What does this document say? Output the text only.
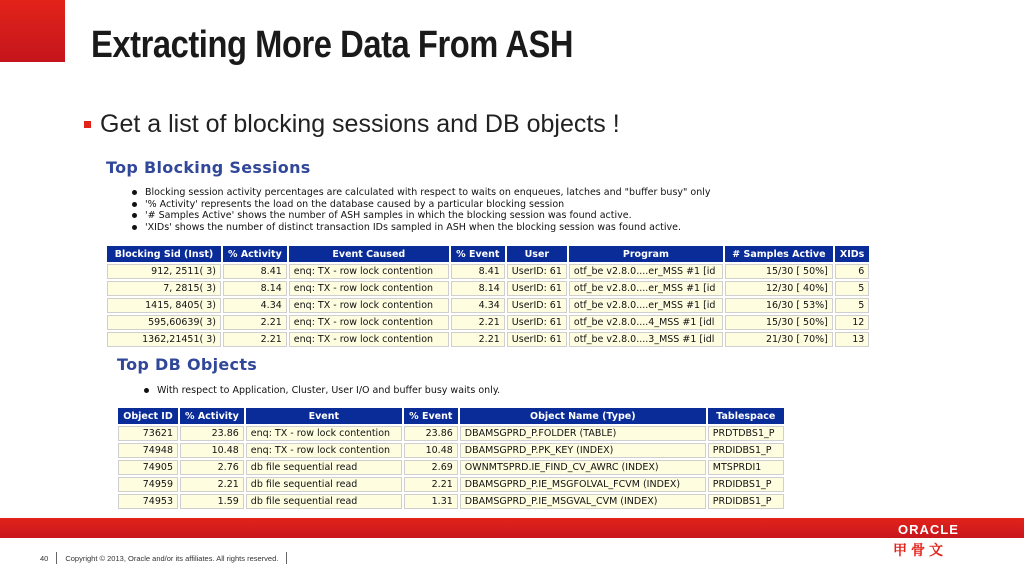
Extracting More Data From ASH
Get a list of blocking sessions and DB objects !
Top Blocking Sessions
Blocking session activity percentages are calculated with respect to waits on enqueues, latches and "buffer busy" only
'% Activity' represents the load on the database caused by a particular blocking session
'# Samples Active' shows the number of ASH samples in which the blocking session was found active.
'XIDs' shows the number of distinct transaction IDs sampled in ASH when the blocking session was found active.
Blocking Sid (Inst)	% Activity	Event Caused	% Event	User	Program	# Samples Active	XIDs
912, 2511( 3)	8.41	enq: TX - row lock contention	8.41	UserID: 61	otf_be v2.8.0....er_MSS #1 [id	15/30 [ 50%]	6
7, 2815( 3)	8.14	enq: TX - row lock contention	8.14	UserID: 61	otf_be v2.8.0....er_MSS #1 [id	12/30 [ 40%]	5
1415, 8405( 3)	4.34	enq: TX - row lock contention	4.34	UserID: 61	otf_be v2.8.0....er_MSS #1 [id	16/30 [ 53%]	5
595,60639( 3)	2.21	enq: TX - row lock contention	2.21	UserID: 61	otf_be v2.8.0....4_MSS #1 [idl	15/30 [ 50%]	12
1362,21451( 3)	2.21	enq: TX - row lock contention	2.21	UserID: 61	otf_be v2.8.0....3_MSS #1 [idl	21/30 [ 70%]	13
Top DB Objects
With respect to Application, Cluster, User I/O and buffer busy waits only.
Object ID	% Activity	Event	% Event	Object Name (Type)	Tablespace
73621	23.86	enq: TX - row lock contention	23.86	DBAMSGPRD_P.FOLDER (TABLE)	PRDTDBS1_P
74948	10.48	enq: TX - row lock contention	10.48	DBAMSGPRD_P.PK_KEY (INDEX)	PRDIDBS1_P
74905	2.76	db file sequential read	2.69	OWNMTSPRD.IE_FIND_CV_AWRC (INDEX)	MTSPRDI1
74959	2.21	db file sequential read	2.21	DBAMSGPRD_P.IE_MSGFOLVAL_FCVM (INDEX)	PRDIDBS1_P
74953	1.59	db file sequential read	1.31	DBAMSGPRD_P.IE_MSGVAL_CVM (INDEX)	PRDIDBS1_P
ORACLE
甲骨文
40 Copyright © 2013, Oracle and/or its affiliates. All rights reserved.
